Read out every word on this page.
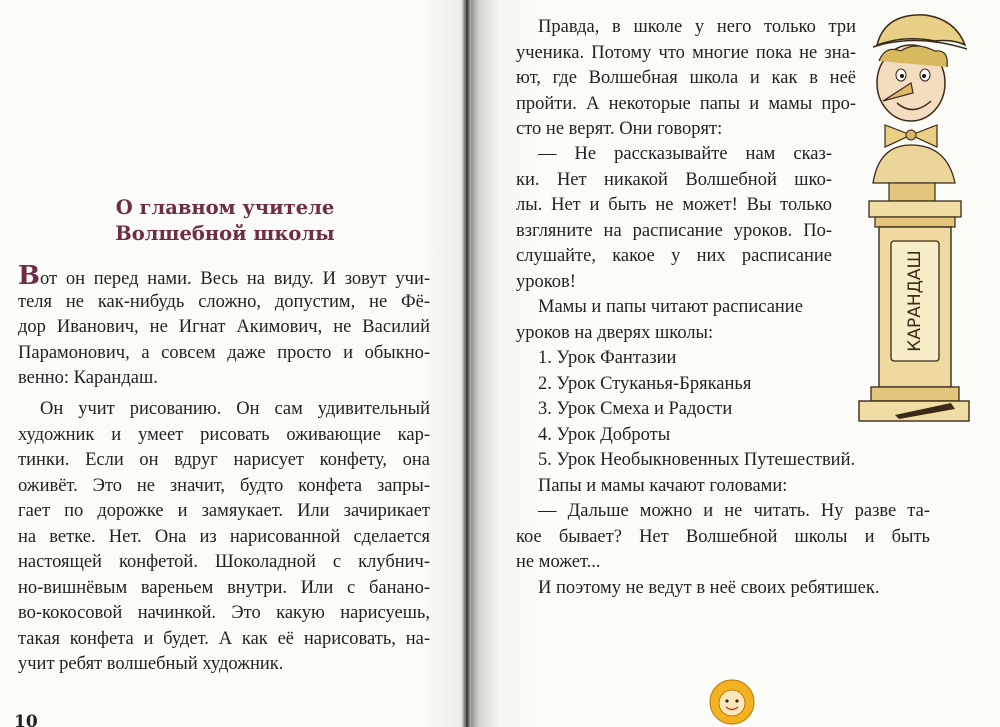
О главном учителе
Волшебной школы
Вот он перед нами. Весь на виду. И зовут учи-
теля не как-нибудь сложно, допустим, не Фё-
дор Иванович, не Игнат Акимович, не Василий
Парамонович, а совсем даже просто и обыкно-
венно: Карандаш.
Он учит рисованию. Он сам удивительный
художник и умеет рисовать оживающие кар-
тинки. Если он вдруг нарисует конфету, она
оживёт. Это не значит, будто конфета запры-
гает по дорожке и замяукает. Или зачирикает
на ветке. Нет. Она из нарисованной сделается
настоящей конфетой. Шоколадной с клубнич-
но-вишнёвым вареньем внутри. Или с бананo-
во-кокосовой начинкой. Это какую нарисуешь,
такая конфета и будет. А как её нарисовать, на-
учит ребят волшебный художник.
10
Правда, в школе у него только три
ученика. Потому что многие пока не зна-
ют, где Волшебная школа и как в неё
пройти. А некоторые папы и мамы про-
сто не верят. Они говорят:
— Не рассказывайте нам сказ-
ки. Нет никакой Волшебной шко-
лы. Нет и быть не может! Вы только
взгляните на расписание уроков. По-
слушайте, какое у них расписание
уроков!
Мамы и папы читают расписание
уроков на дверях школы:
1. Урок Фантазии
2. Урок Стуканья-Бряканья
3. Урок Смеха и Радости
4. Урок Доброты
5. Урок Необыкновенных Путешествий.
Папы и мамы качают головами:
— Дальше можно и не читать. Ну разве та-
кое бывает? Нет Волшебной школы и быть
не может...
И поэтому не ведут в неё своих ребятишек.
КАРАНДАШ
